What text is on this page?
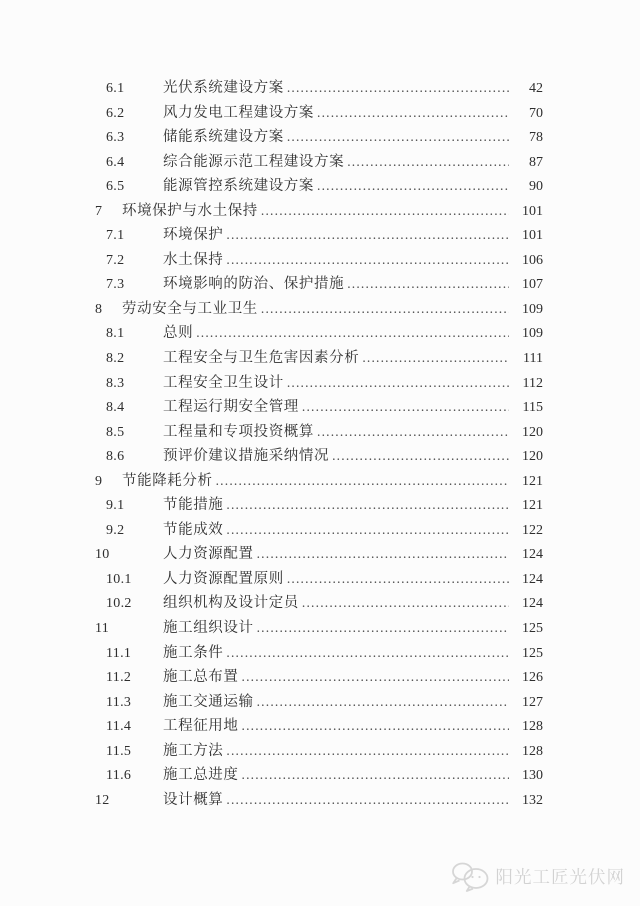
6.1	光伏系统建设方案 .....	42
6.2	风力发电工程建设方案 .....	70
6.3	储能系统建设方案 .....	78
6.4	综合能源示范工程建设方案 .....	87
6.5	能源管控系统建设方案 .....	90
7	环境保护与水土保持 .....	101
7.1	环境保护 .....	101
7.2	水土保持 .....	106
7.3	环境影响的防治、保护措施 .....	107
8	劳动安全与工业卫生 .....	109
8.1	总则 .....	109
8.2	工程安全与卫生危害因素分析 .....	111
8.3	工程安全卫生设计 .....	112
8.4	工程运行期安全管理 .....	115
8.5	工程量和专项投资概算 .....	120
8.6	预评价建议措施采纳情况 .....	120
9	节能降耗分析 .....	121
9.1	节能措施 .....	121
9.2	节能成效 .....	122
10	人力资源配置 .....	124
10.1	人力资源配置原则 .....	124
10.2	组织机构及设计定员 .....	124
11	施工组织设计 .....	125
11.1	施工条件 .....	125
11.2	施工总布置 .....	126
11.3	施工交通运输 .....	127
11.4	工程征用地 .....	128
11.5	施工方法 .....	128
11.6	施工总进度 .....	130
12	设计概算 .....	132
阳光工匠光伏网
